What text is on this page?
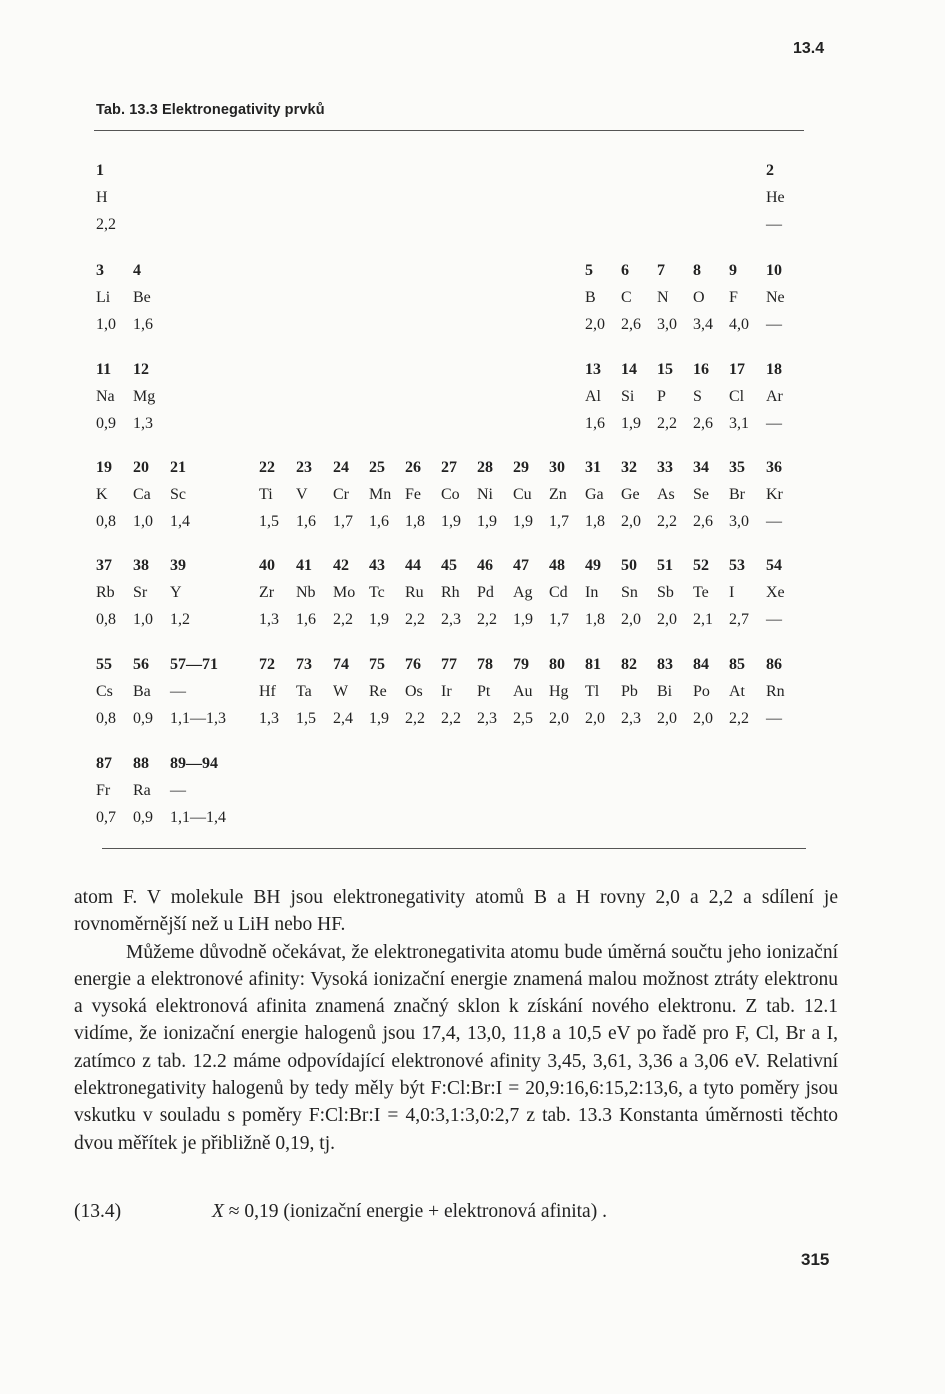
13.4
Tab. 13.3 Elektronegativity prvků
1
H
2,2
2
He
—
3
Li
1,0
4
Be
1,6
5
B
2,0
6
C
2,6
7
N
3,0
8
O
3,4
9
F
4,0
10
Ne
—
11
Na
0,9
12
Mg
1,3
13
Al
1,6
14
Si
1,9
15
P
2,2
16
S
2,6
17
Cl
3,1
18
Ar
—
19
K
0,8
20
Ca
1,0
21
Sc
1,4
22
Ti
1,5
23
V
1,6
24
Cr
1,7
25
Mn
1,6
26
Fe
1,8
27
Co
1,9
28
Ni
1,9
29
Cu
1,9
30
Zn
1,7
31
Ga
1,8
32
Ge
2,0
33
As
2,2
34
Se
2,6
35
Br
3,0
36
Kr
—
37
Rb
0,8
38
Sr
1,0
39
Y
1,2
40
Zr
1,3
41
Nb
1,6
42
Mo
2,2
43
Tc
1,9
44
Ru
2,2
45
Rh
2,3
46
Pd
2,2
47
Ag
1,9
48
Cd
1,7
49
In
1,8
50
Sn
2,0
51
Sb
2,0
52
Te
2,1
53
I
2,7
54
Xe
—
55
Cs
0,8
56
Ba
0,9
57—71
—
1,1—1,3
72
Hf
1,3
73
Ta
1,5
74
W
2,4
75
Re
1,9
76
Os
2,2
77
Ir
2,2
78
Pt
2,3
79
Au
2,5
80
Hg
2,0
81
Tl
2,0
82
Pb
2,3
83
Bi
2,0
84
Po
2,0
85
At
2,2
86
Rn
—
87
Fr
0,7
88
Ra
0,9
89—94
—
1,1—1,4

atom F. V molekule BH jsou elektronegativity atomů B a H rovny 2,0 a 2,2 a sdílení je rovnoměrnější než u LiH nebo HF.

Můžeme důvodně očekávat, že elektronegativita atomu bude úměrná součtu jeho ionizační energie a elektronové afinity: Vysoká ionizační energie znamená malou možnost ztráty elektronu a vysoká elektronová afinita znamená značný sklon k získání nového elektronu. Z tab. 12.1 vidíme, že ionizační energie halogenů jsou 17,4, 13,0, 11,8 a 10,5 eV po řadě pro F, Cl, Br a I, zatímco z tab. 12.2 máme odpovídající elektronové afinity 3,45, 3,61, 3,36 a 3,06 eV. Relativní elektronegativity halogenů by tedy měly být F:Cl:Br:I = 20,9:16,6:15,2:13,6, a tyto poměry jsou vskutku v souladu s poměry F:Cl:Br:I = 4,0:3,1:3,0:2,7 z tab. 13.3 Konstanta úměrnosti těchto dvou měřítek je přibližně 0,19, tj.

(13.4)	X ≈ 0,19 (ionizační energie + elektronová afinita) .
315
